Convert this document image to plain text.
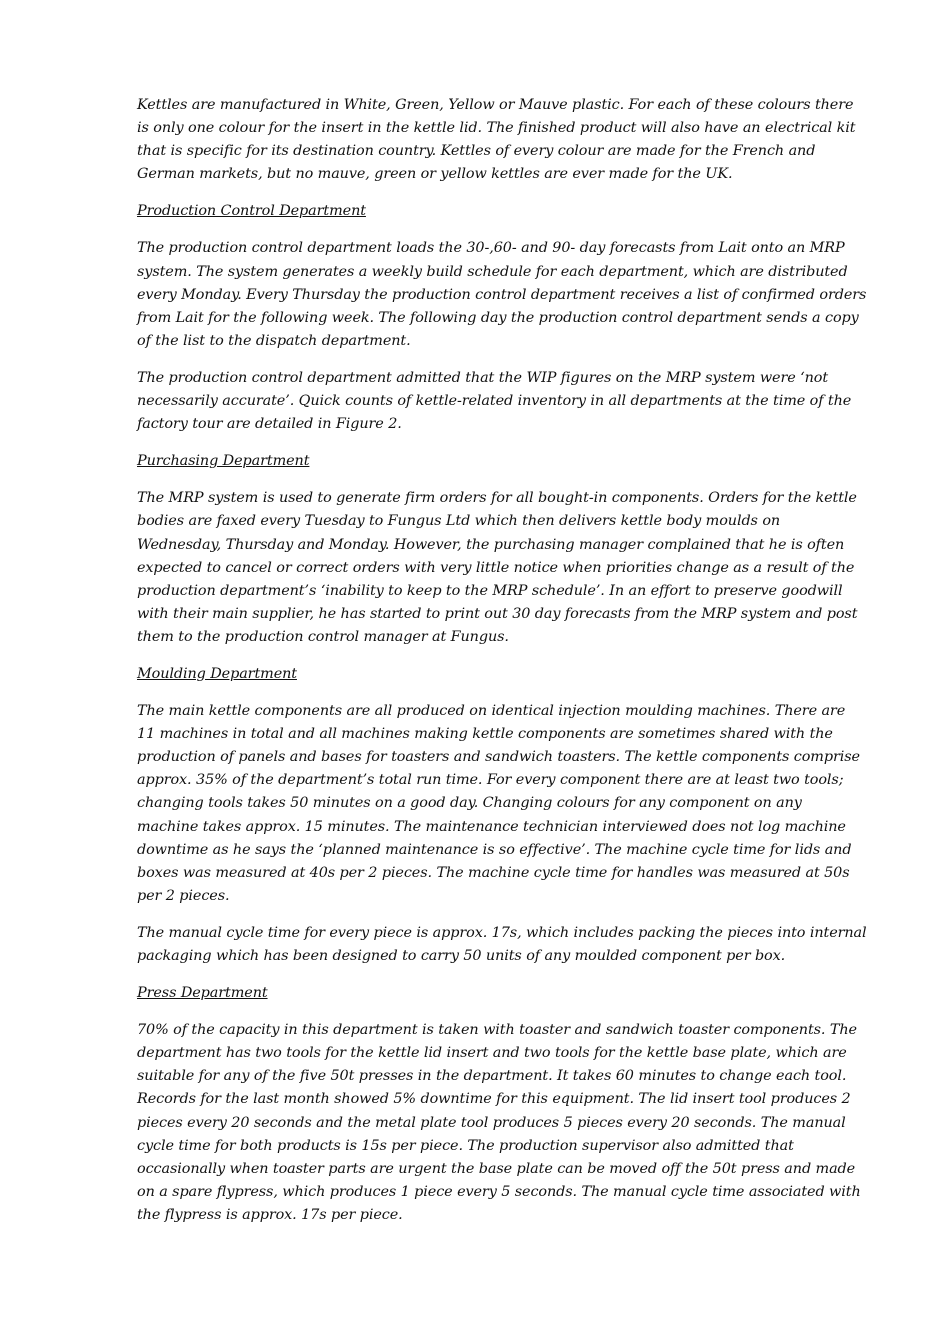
Kettles are manufactured in White, Green, Yellow or Mauve plastic. For each of these colours there is only one colour for the insert in the kettle lid. The finished product will also have an electrical kit that is specific for its destination country. Kettles of every colour are made for the French and German markets, but no mauve, green or yellow kettles are ever made for the UK.

Production Control Department

The production control department loads the 30-,60- and 90- day forecasts from Lait onto an MRP system. The system generates a weekly build schedule for each department, which are distributed every Monday. Every Thursday the production control department receives a list of confirmed orders from Lait for the following week. The following day the production control department sends a copy of the list to the dispatch department.

The production control department admitted that the WIP figures on the MRP system were ‘not necessarily accurate’. Quick counts of kettle-related inventory in all departments at the time of the factory tour are detailed in Figure 2.

Purchasing Department

The MRP system is used to generate firm orders for all bought-in components. Orders for the kettle bodies are faxed every Tuesday to Fungus Ltd which then delivers kettle body moulds on Wednesday, Thursday and Monday. However, the purchasing manager complained that he is often expected to cancel or correct orders with very little notice when priorities change as a result of the production department’s ‘inability to keep to the MRP schedule’. In an effort to preserve goodwill with their main supplier, he has started to print out 30 day forecasts from the MRP system and post them to the production control manager at Fungus.

Moulding Department

The main kettle components are all produced on identical injection moulding machines. There are 11 machines in total and all machines making kettle components are sometimes shared with the production of panels and bases for toasters and sandwich toasters. The kettle components comprise approx. 35% of the department’s total run time. For every component there are at least two tools; changing tools takes 50 minutes on a good day. Changing colours for any component on any machine takes approx. 15 minutes. The maintenance technician interviewed does not log machine downtime as he says the ‘planned maintenance is so effective’. The machine cycle time for lids and boxes was measured at 40s per 2 pieces. The machine cycle time for handles was measured at 50s per 2 pieces.

The manual cycle time for every piece is approx. 17s, which includes packing the pieces into internal packaging which has been designed to carry 50 units of any moulded component per box.

Press Department

70% of the capacity in this department is taken with toaster and sandwich toaster components. The department has two tools for the kettle lid insert and two tools for the kettle base plate, which are suitable for any of the five 50t presses in the department. It takes 60 minutes to change each tool. Records for the last month showed 5% downtime for this equipment. The lid insert tool produces 2 pieces every 20 seconds and the metal plate tool produces 5 pieces every 20 seconds. The manual cycle time for both products is 15s per piece. The production supervisor also admitted that occasionally when toaster parts are urgent the base plate can be moved off the 50t press and made on a spare flypress, which produces 1 piece every 5 seconds. The manual cycle time associated with the flypress is approx. 17s per piece.
